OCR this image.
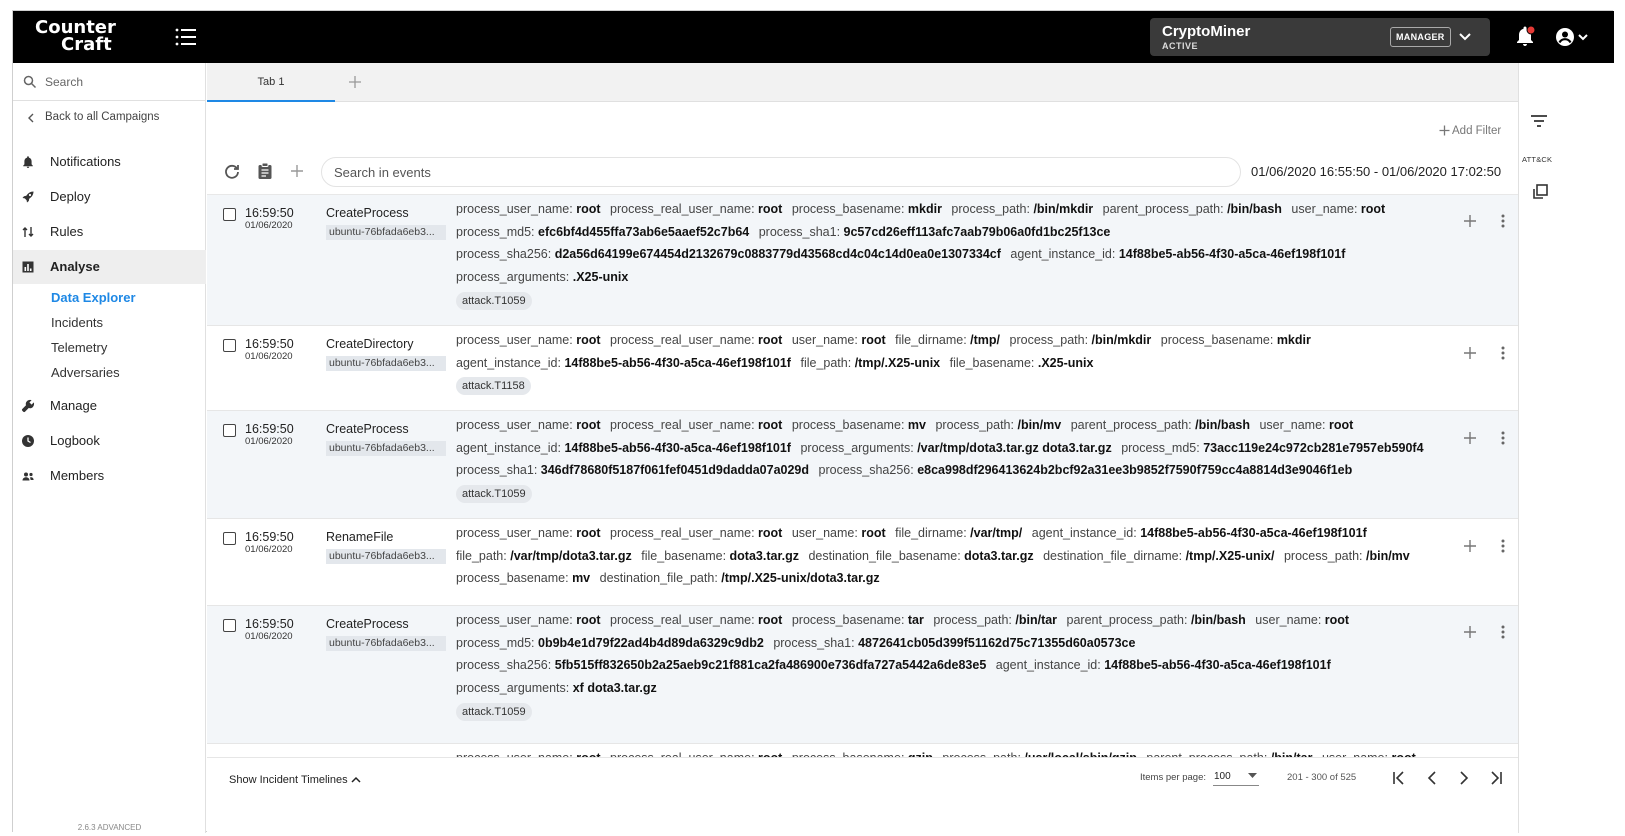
Counter
Craft
CryptoMiner
ACTIVE
MANAGER
Search
Back to all Campaigns
Notifications
Deploy
Rules
Analyse
Data Explorer
Incidents
Telemetry
Adversaries
Manage
Logbook
Members
2.6.3 ADVANCED
Tab 1
Add Filter
Search in events
01/06/2020 16:55:50 - 01/06/2020 17:02:50
16:59:50
01/06/2020
CreateProcess
ubuntu-76bfada6eb3...
process_user_name: root process_real_user_name: root process_basename: mkdir process_path: /bin/mkdir parent_process_path: /bin/bash user_name: root
process_md5: efc6bf4d455ffa73ab6e5aaef52c7b64 process_sha1: 9c57cd26eff113afc7aab79b06a0fd1bc25f13ce
process_sha256: d2a56d64199e674454d2132679c0883779d43568cd4c04c14d0ea0e1307334cf agent_instance_id: 14f88be5-ab56-4f30-a5ca-46ef198f101f
process_arguments: .X25-unix
attack.T1059
16:59:50
01/06/2020
CreateDirectory
ubuntu-76bfada6eb3...
process_user_name: root process_real_user_name: root user_name: root file_dirname: /tmp/ process_path: /bin/mkdir process_basename: mkdir
agent_instance_id: 14f88be5-ab56-4f30-a5ca-46ef198f101f file_path: /tmp/.X25-unix file_basename: .X25-unix
attack.T1158
16:59:50
01/06/2020
CreateProcess
ubuntu-76bfada6eb3...
process_user_name: root process_real_user_name: root process_basename: mv process_path: /bin/mv parent_process_path: /bin/bash user_name: root
agent_instance_id: 14f88be5-ab56-4f30-a5ca-46ef198f101f process_arguments: /var/tmp/dota3.tar.gz dota3.tar.gz process_md5: 73acc119e24c972cb281e7957eb590f4
process_sha1: 346df78680f5187f061fef0451d9dadda07a029d process_sha256: e8ca998df296413624b2bcf92a31ee3b9852f7590f759cc4a8814d3e9046f1eb
attack.T1059
16:59:50
01/06/2020
RenameFile
ubuntu-76bfada6eb3...
process_user_name: root process_real_user_name: root user_name: root file_dirname: /var/tmp/ agent_instance_id: 14f88be5-ab56-4f30-a5ca-46ef198f101f
file_path: /var/tmp/dota3.tar.gz file_basename: dota3.tar.gz destination_file_basename: dota3.tar.gz destination_file_dirname: /tmp/.X25-unix/ process_path: /bin/mv
process_basename: mv destination_file_path: /tmp/.X25-unix/dota3.tar.gz
16:59:50
01/06/2020
CreateProcess
ubuntu-76bfada6eb3...
process_user_name: root process_real_user_name: root process_basename: tar process_path: /bin/tar parent_process_path: /bin/bash user_name: root
process_md5: 0b9b4e1d79f22ad4b4d89da6329c9db2 process_sha1: 4872641cb05d399f51162d75c71355d60a0573ce
process_sha256: 5fb515ff832650b2a25aeb9c21f881ca2fa486900e736dfa727a5442a6de83e5 agent_instance_id: 14f88be5-ab56-4f30-a5ca-46ef198f101f
process_arguments: xf dota3.tar.gz
attack.T1059
Show Incident Timelines	Items per page: 100	201 - 300 of 525
ATT&CK
